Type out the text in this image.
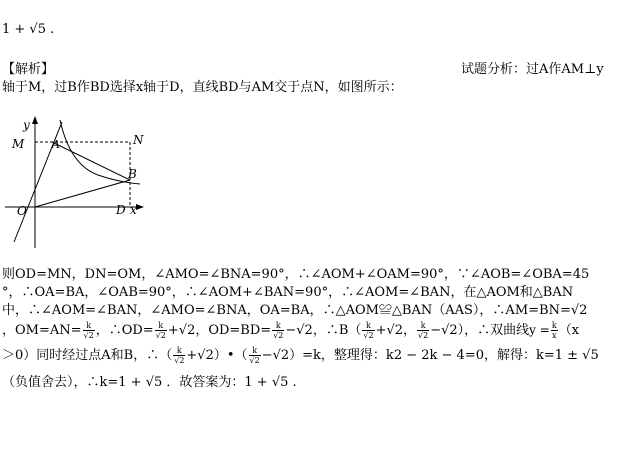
1 + √5 .
【解析】	试题分析：过A作AM⊥y
轴于M，过B作BD选择x轴于D，直线BD与AM交于点N，如图所示：
y
x
O
M	A	N
B
D
则OD=MN，DN=OM，∠AMO=∠BNA=90°，∴∠AOM+∠OAM=90°，∵∠AOB=∠OBA=45
°，∴OA=BA，∠OAB=90°，∴∠AOM+∠BAN=90°，∴∠AOM=∠BAN，在△AOM和△BAN
中，∴∠AOM=∠BAN，∠AMO=∠BNA，OA=BA，∴△AOM≌△BAN（AAS），∴AM=BN=√2
，$OM=AN= \frac{k}{√2}$ ，∴OD= $\frac{k}{√2} +√2$，$OD=BD= \frac{k}{√2} -√2$，∴B（ $\frac{k}{√2} +√2$， $\frac{k}{√2} -√2$），∴双曲线$y = \frac{k}{x} (x$
＞0）同时经过点A和B，∴（ $\frac{k}{√2}$ +√2）•（ $\frac{k}{√2} -√2)=k$，整理得：k2 − 2k − 4=0，解得：k=1 ± √5
（负值舍去），∴k=1 + √5 ．故答案为：1 + √5 .
